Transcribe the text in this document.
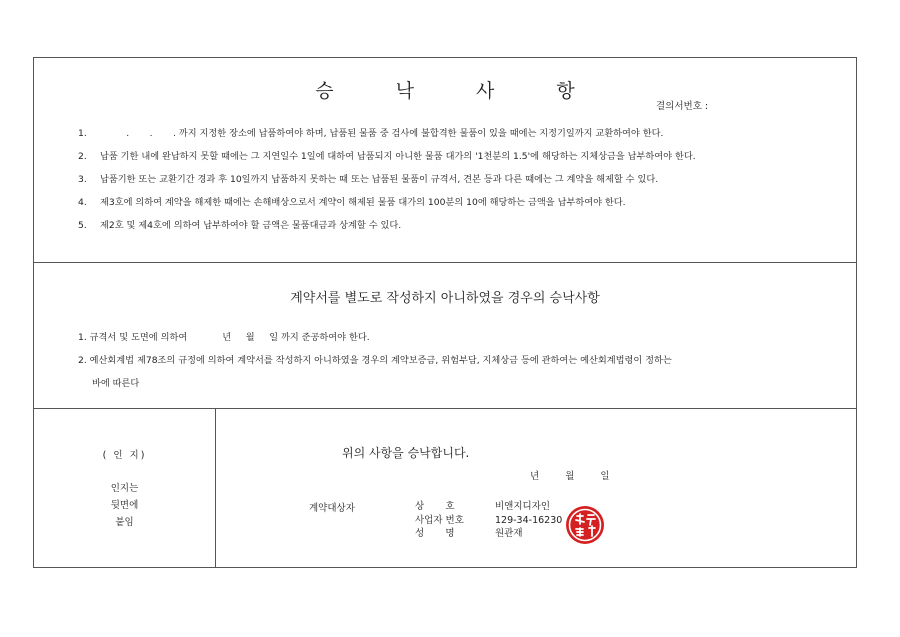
승 낙 사 항
결의서번호 :
1.         .       .       . 까지 지정한 장소에 납품하여야 하며, 납품된 물품 중 검사에 불합격한 물품이 있을 때에는 지정기일까지 교환하여야 한다.
2. 납품 기한 내에 완납하지 못할 때에는 그 지연일수 1일에 대하여 납품되지 아니한 물품 대가의 '1천분의 1.5'에 해당하는 지체상금을 납부하여야 한다.
3. 납품기한 또는 교환기간 경과 후 10일까지 납품하지 못하는 때 또는 납품된 물품이 규격서, 견본 등과 다른 때에는 그 계약을 해제할 수 있다.
4. 제3호에 의하여 계약을 해제한 때에는 손해배상으로서 계약이 해제된 물품 대가의 100분의 10에 해당하는 금액을 납부하여야 한다.
5. 제2호 및 제4호에 의하여 납부하여야 할 금액은 물품대금과 상계할 수 있다.
계약서를 별도로 작성하지 아니하였을 경우의 승낙사항
1. 규격서 및 도면에 의하여            년     월     일 까지 준공하여야 한다.
2. 예산회계법 제78조의 규정에 의하여 계약서를 작성하지 아니하였을 경우의 계약보증금, 위험부담, 지체상금 등에 관하여는 예산회계법령이 정하는
바에 따른다
( 인 지)
인지는
뒷면에
붙임
위의 사항을 승낙합니다.
년	월	일
계약대상자	상       호	비앤지디자인
사업자 번호	129-34-16230
성       명	원관재
